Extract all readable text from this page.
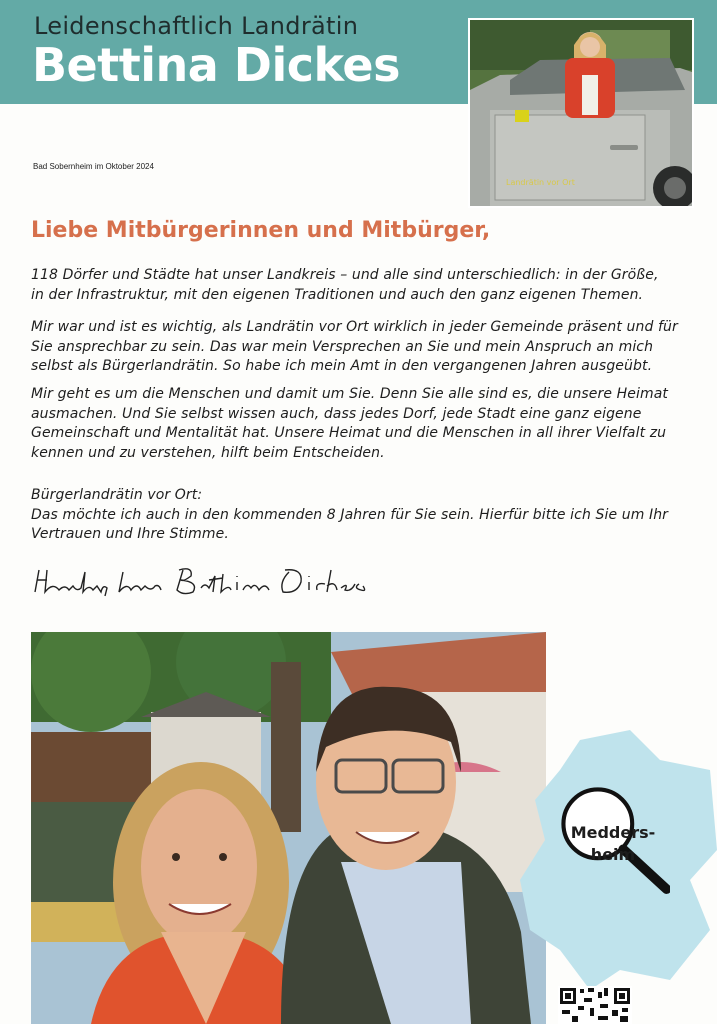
Leidenschaftlich Landrätin
Bettina Dickes
Landrätin vor Ort
Bad Sobernheim im Oktober 2024
Liebe Mitbürgerinnen und Mitbürger,
118 Dörfer und Städte hat unser Landkreis – und alle sind unterschiedlich: in der Größe,
in der Infrastruktur, mit den eigenen Traditionen und auch den ganz eigenen Themen.
Mir war und ist es wichtig, als Landrätin vor Ort wirklich in jeder Gemeinde präsent und für
Sie ansprechbar zu sein. Das war mein Versprechen an Sie und mein Anspruch an mich
selbst als Bürgerlandrätin. So habe ich mein Amt in den vergangenen Jahren ausgeübt.
Mir geht es um die Menschen und damit um Sie. Denn Sie alle sind es, die unsere Heimat
ausmachen. Und Sie selbst wissen auch, dass jedes Dorf, jede Stadt eine ganz eigene
Gemeinschaft und Mentalität hat. Unsere Heimat und die Menschen in all ihrer Vielfalt zu
kennen und zu verstehen, hilft beim Entscheiden.
Bürgerlandrätin vor Ort:
Das möchte ich auch in den kommenden 8 Jahren für Sie sein. Hierfür bitte ich Sie um Ihr
Vertrauen und Ihre Stimme.
Medders-
heim
